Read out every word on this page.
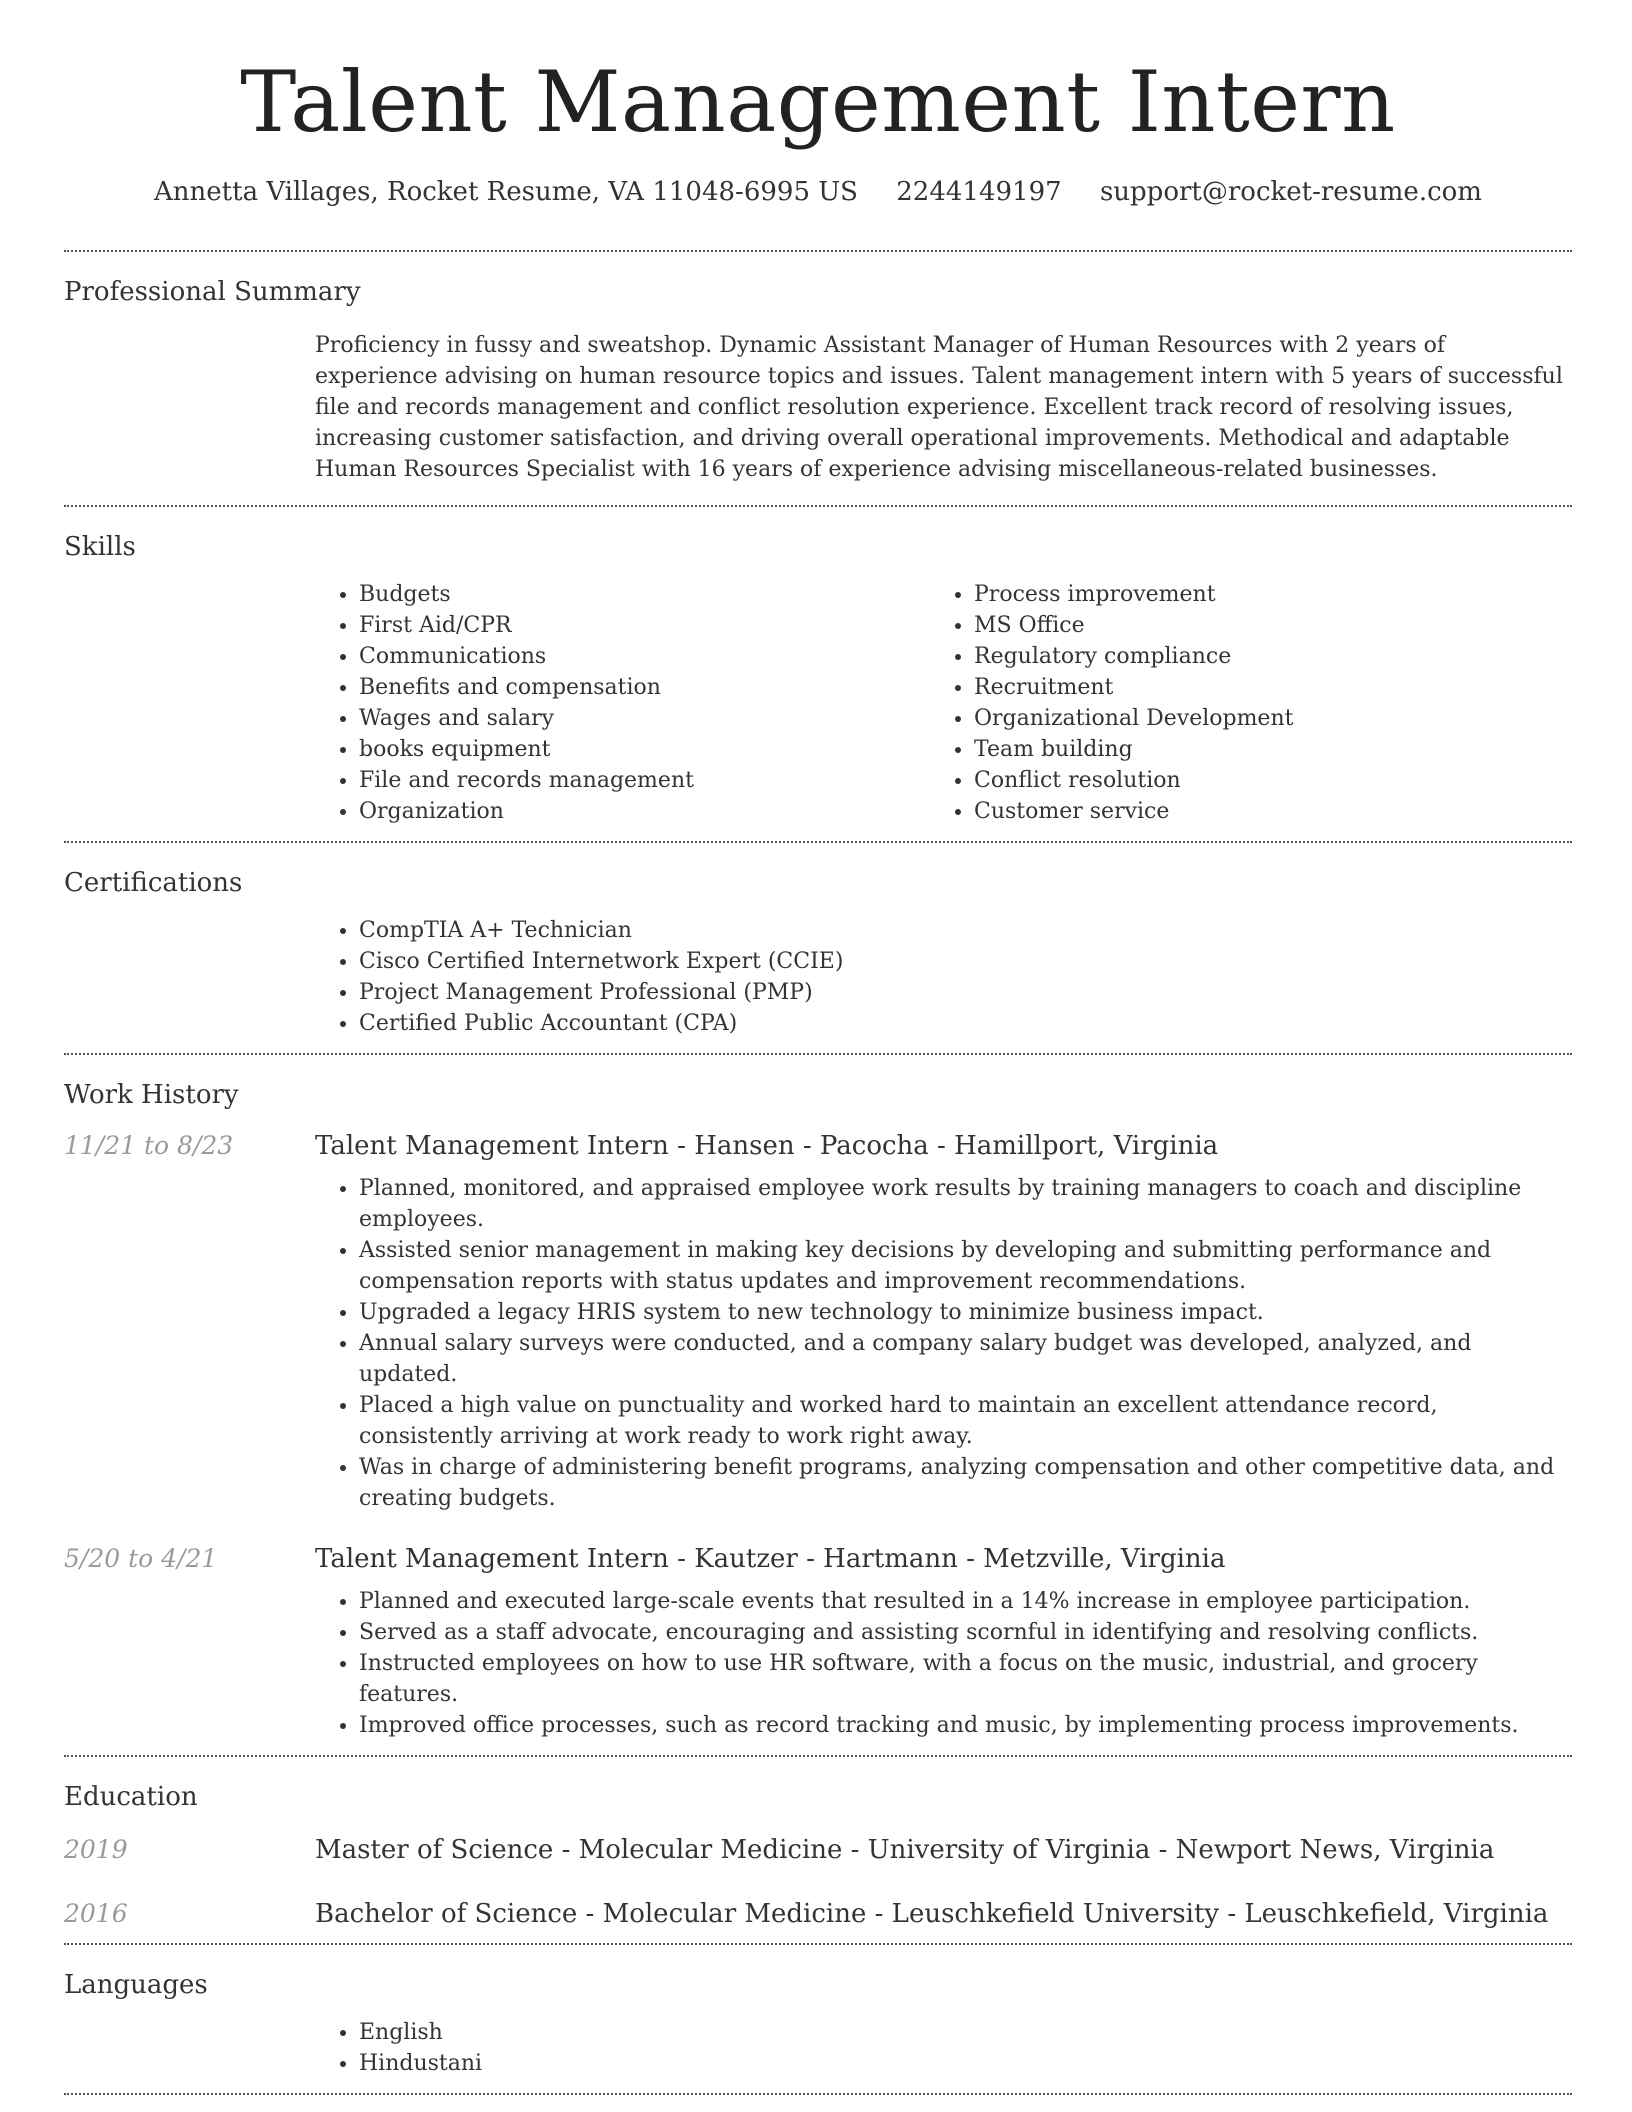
Talent Management Intern
Annetta Villages, Rocket Resume, VA 11048-6995 US 2244149197 support@rocket-resume.com
Professional Summary
Proficiency in fussy and sweatshop. Dynamic Assistant Manager of Human Resources with 2 years of experience advising on human resource topics and issues. Talent management intern with 5 years of successful file and records management and conflict resolution experience. Excellent track record of resolving issues, increasing customer satisfaction, and driving overall operational improvements. Methodical and adaptable Human Resources Specialist with 16 years of experience advising miscellaneous-related businesses.
Skills
• Budgets
• First Aid/CPR
• Communications
• Benefits and compensation
• Wages and salary
• books equipment
• File and records management
• Organization
• Process improvement
• MS Office
• Regulatory compliance
• Recruitment
• Organizational Development
• Team building
• Conflict resolution
• Customer service
Certifications
• CompTIA A+ Technician
• Cisco Certified Internetwork Expert (CCIE)
• Project Management Professional (PMP)
• Certified Public Accountant (CPA)
Work History
11/21 to 8/23	Talent Management Intern - Hansen - Pacocha - Hamillport, Virginia
• Planned, monitored, and appraised employee work results by training managers to coach and discipline employees.
• Assisted senior management in making key decisions by developing and submitting performance and compensation reports with status updates and improvement recommendations.
• Upgraded a legacy HRIS system to new technology to minimize business impact.
• Annual salary surveys were conducted, and a company salary budget was developed, analyzed, and updated.
• Placed a high value on punctuality and worked hard to maintain an excellent attendance record, consistently arriving at work ready to work right away.
• Was in charge of administering benefit programs, analyzing compensation and other competitive data, and creating budgets.
5/20 to 4/21	Talent Management Intern - Kautzer - Hartmann - Metzville, Virginia
• Planned and executed large-scale events that resulted in a 14% increase in employee participation.
• Served as a staff advocate, encouraging and assisting scornful in identifying and resolving conflicts.
• Instructed employees on how to use HR software, with a focus on the music, industrial, and grocery features.
• Improved office processes, such as record tracking and music, by implementing process improvements.
Education
2019	Master of Science - Molecular Medicine - University of Virginia - Newport News, Virginia
2016	Bachelor of Science - Molecular Medicine - Leuschkefield University - Leuschkefield, Virginia
Languages
• English
• Hindustani
